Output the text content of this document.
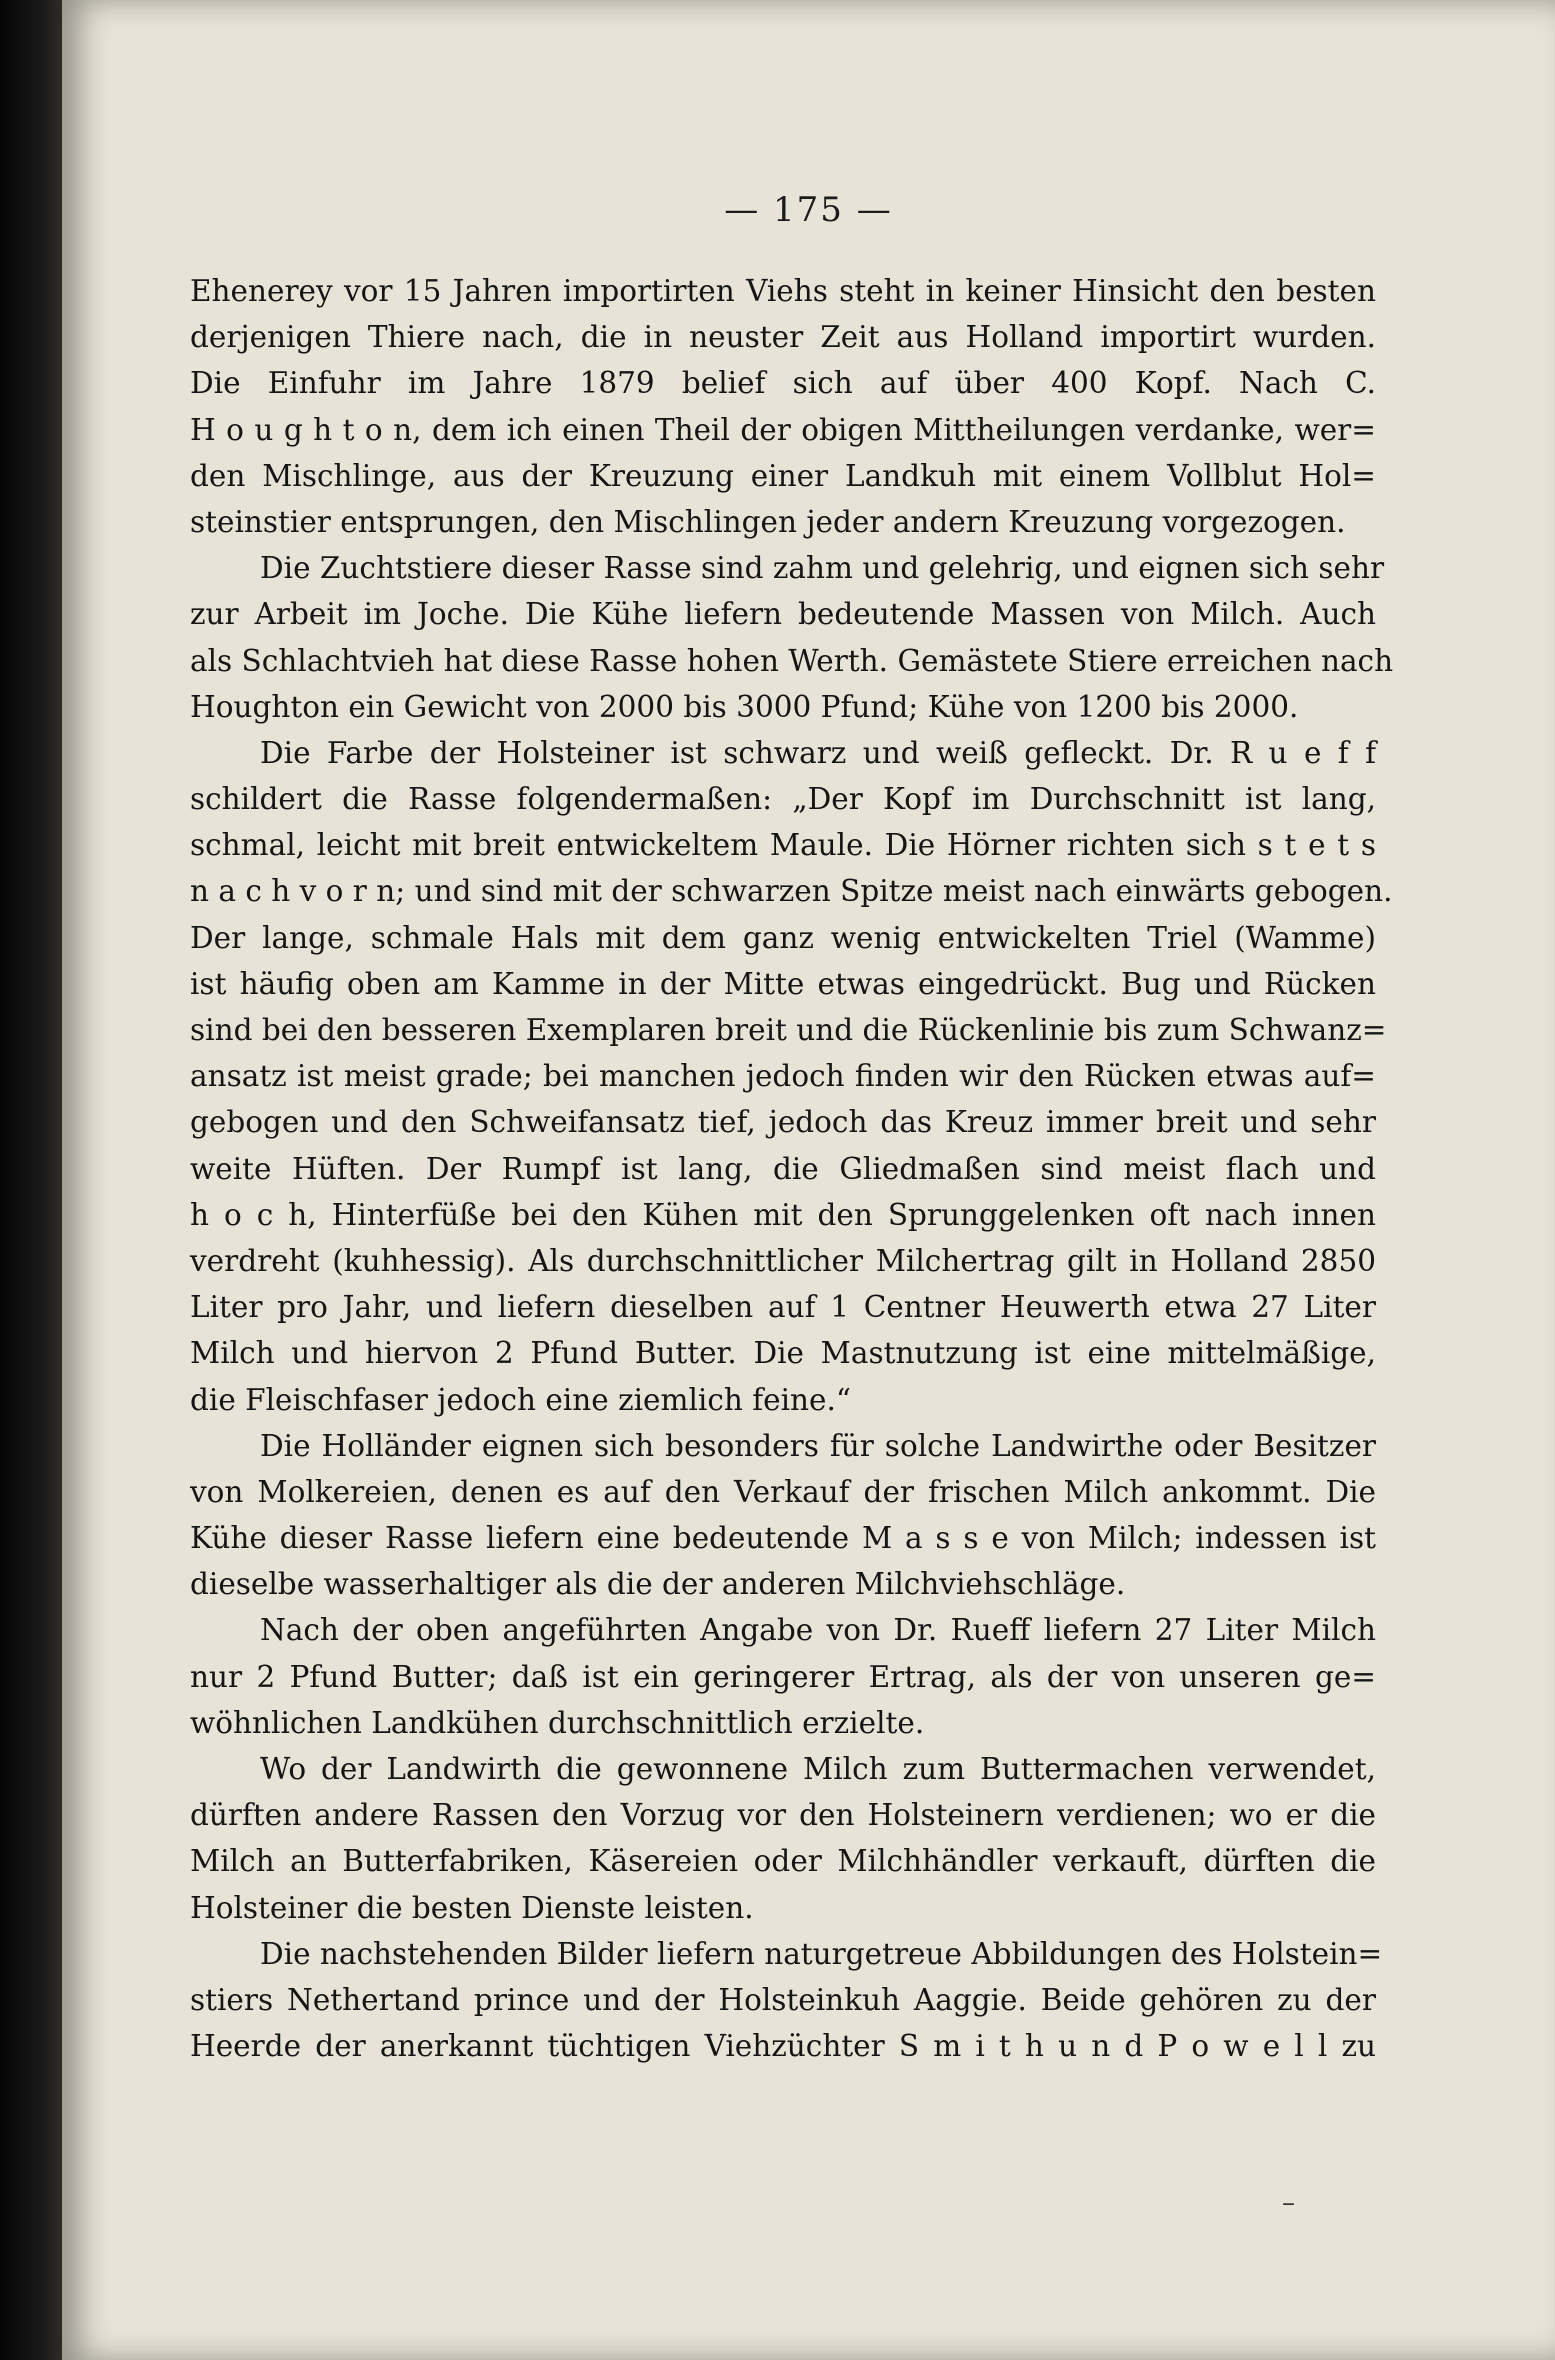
— 175 —
Ehenerey vor 15 Jahren importirten Viehs steht in keiner Hinsicht den besten
derjenigen Thiere nach, die in neuster Zeit aus Holland importirt wurden.
Die Einfuhr im Jahre 1879 belief sich auf über 400 Kopf. Nach C.
H o u g h t o n, dem ich einen Theil der obigen Mittheilungen verdanke, wer=
den Mischlinge, aus der Kreuzung einer Landkuh mit einem Vollblut Hol=
steinstier entsprungen, den Mischlingen jeder andern Kreuzung vorgezogen.
Die Zuchtstiere dieser Rasse sind zahm und gelehrig, und eignen sich sehr
zur Arbeit im Joche. Die Kühe liefern bedeutende Massen von Milch. Auch
als Schlachtvieh hat diese Rasse hohen Werth. Gemästete Stiere erreichen nach
Houghton ein Gewicht von 2000 bis 3000 Pfund; Kühe von 1200 bis 2000.
Die Farbe der Holsteiner ist schwarz und weiß gefleckt. Dr. R u e f f
schildert die Rasse folgendermaßen: „Der Kopf im Durchschnitt ist lang,
schmal, leicht mit breit entwickeltem Maule. Die Hörner richten sich s t e t s
n a c h v o r n; und sind mit der schwarzen Spitze meist nach einwärts gebogen.
Der lange, schmale Hals mit dem ganz wenig entwickelten Triel (Wamme)
ist häufig oben am Kamme in der Mitte etwas eingedrückt. Bug und Rücken
sind bei den besseren Exemplaren breit und die Rückenlinie bis zum Schwanz=
ansatz ist meist grade; bei manchen jedoch finden wir den Rücken etwas auf=
gebogen und den Schweifansatz tief, jedoch das Kreuz immer breit und sehr
weite Hüften. Der Rumpf ist lang, die Gliedmaßen sind meist flach und
h o c h, Hinterfüße bei den Kühen mit den Sprunggelenken oft nach innen
verdreht (kuhhessig). Als durchschnittlicher Milchertrag gilt in Holland 2850
Liter pro Jahr, und liefern dieselben auf 1 Centner Heuwerth etwa 27 Liter
Milch und hiervon 2 Pfund Butter. Die Mastnutzung ist eine mittelmäßige,
die Fleischfaser jedoch eine ziemlich feine.“
Die Holländer eignen sich besonders für solche Landwirthe oder Besitzer
von Molkereien, denen es auf den Verkauf der frischen Milch ankommt. Die
Kühe dieser Rasse liefern eine bedeutende M a s s e von Milch; indessen ist
dieselbe wasserhaltiger als die der anderen Milchviehschläge.
Nach der oben angeführten Angabe von Dr. Rueff liefern 27 Liter Milch
nur 2 Pfund Butter; daß ist ein geringerer Ertrag, als der von unseren ge=
wöhnlichen Landkühen durchschnittlich erzielte.
Wo der Landwirth die gewonnene Milch zum Buttermachen verwendet,
dürften andere Rassen den Vorzug vor den Holsteinern verdienen; wo er die
Milch an Butterfabriken, Käsereien oder Milchhändler verkauft, dürften die
Holsteiner die besten Dienste leisten.
Die nachstehenden Bilder liefern naturgetreue Abbildungen des Holstein=
stiers Nethertand prince und der Holsteinkuh Aaggie. Beide gehören zu der
Heerde der anerkannt tüchtigen Viehzüchter S m i t h u n d P o w e l l zu
–
